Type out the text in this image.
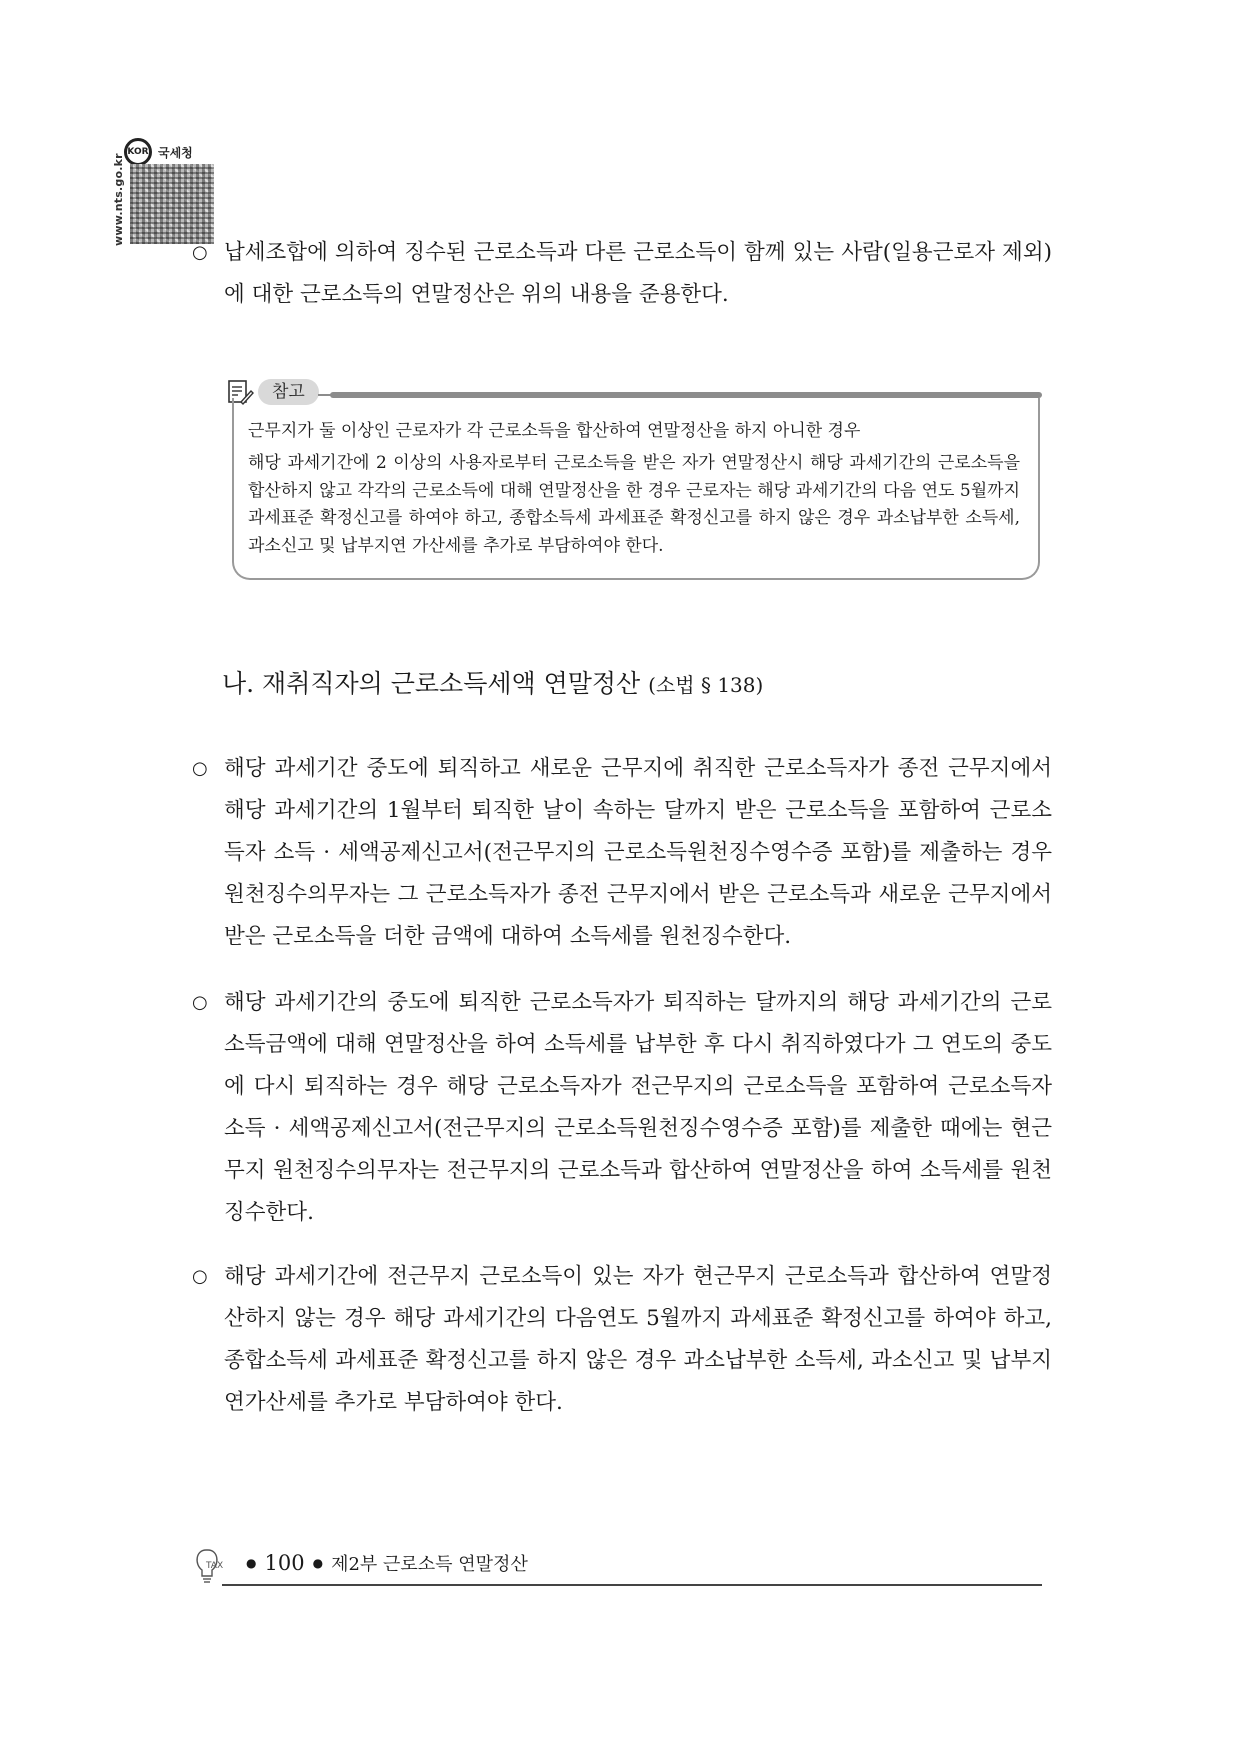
www.nts.go.kr
KOR 국세청
○ 납세조합에 의하여 징수된 근로소득과 다른 근로소득이 함께 있는 사람(일용근로자 제외)에 대한 근로소득의 연말정산은 위의 내용을 준용한다.
참고
근무지가 둘 이상인 근로자가 각 근로소득을 합산하여 연말정산을 하지 아니한 경우
해당 과세기간에 2 이상의 사용자로부터 근로소득을 받은 자가 연말정산시 해당 과세기간의 근로소득을 합산하지 않고 각각의 근로소득에 대해 연말정산을 한 경우 근로자는 해당 과세기간의 다음 연도 5월까지 과세표준 확정신고를 하여야 하고, 종합소득세 과세표준 확정신고를 하지 않은 경우 과소납부한 소득세, 과소신고 및 납부지연 가산세를 추가로 부담하여야 한다.
나. 재취직자의 근로소득세액 연말정산 (소법 § 138)
○ 해당 과세기간 중도에 퇴직하고 새로운 근무지에 취직한 근로소득자가 종전 근무지에서 해당 과세기간의 1월부터 퇴직한 날이 속하는 달까지 받은 근로소득을 포함하여 근로소득자 소득 · 세액공제신고서(전근무지의 근로소득원천징수영수증 포함)를 제출하는 경우 원천징수의무자는 그 근로소득자가 종전 근무지에서 받은 근로소득과 새로운 근무지에서 받은 근로소득을 더한 금액에 대하여 소득세를 원천징수한다.
○ 해당 과세기간의 중도에 퇴직한 근로소득자가 퇴직하는 달까지의 해당 과세기간의 근로소득금액에 대해 연말정산을 하여 소득세를 납부한 후 다시 취직하였다가 그 연도의 중도에 다시 퇴직하는 경우 해당 근로소득자가 전근무지의 근로소득을 포함하여 근로소득자 소득 · 세액공제신고서(전근무지의 근로소득원천징수영수증 포함)를 제출한 때에는 현근무지 원천징수의무자는 전근무지의 근로소득과 합산하여 연말정산을 하여 소득세를 원천징수한다.
○ 해당 과세기간에 전근무지 근로소득이 있는 자가 현근무지 근로소득과 합산하여 연말정산하지 않는 경우 해당 과세기간의 다음연도 5월까지 과세표준 확정신고를 하여야 하고, 종합소득세 과세표준 확정신고를 하지 않은 경우 과소납부한 소득세, 과소신고 및 납부지연가산세를 추가로 부담하여야 한다.
TAX ● 100 ● 제2부 근로소득 연말정산
